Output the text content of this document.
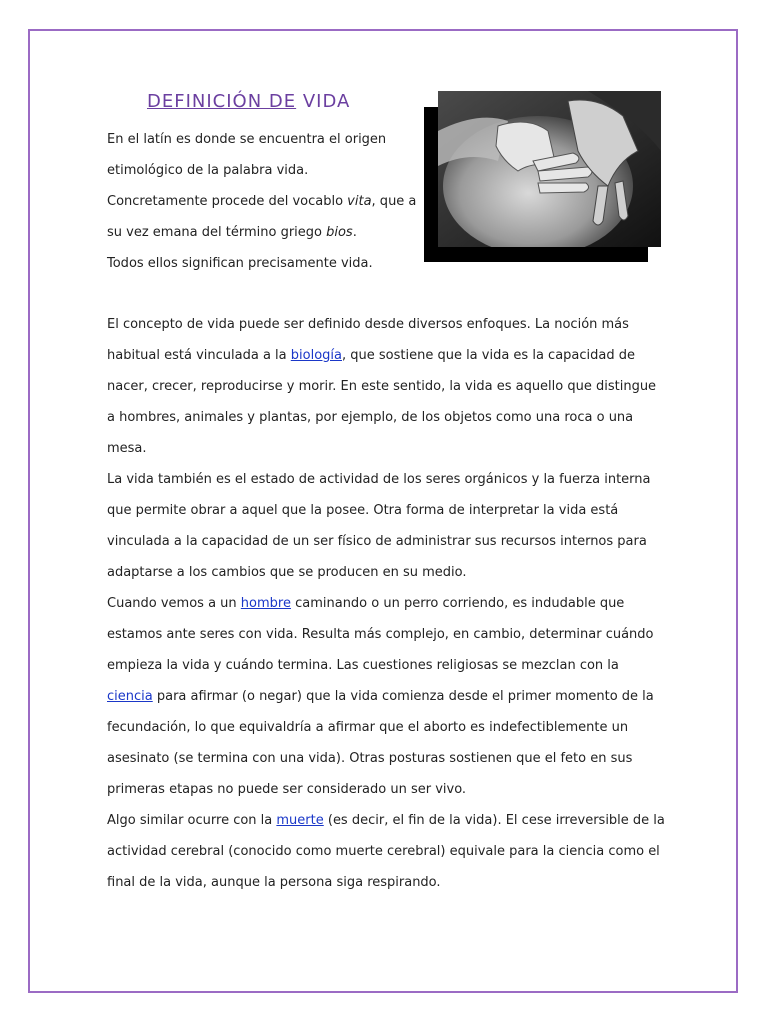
DEFINICIÓN DE VIDA

En el latín es donde se encuentra el origen etimológico de la palabra vida.

Concretamente procede del vocablo vita, que a su vez emana del término griego bios.

Todos ellos significan precisamente vida.

El concepto de vida puede ser definido desde diversos enfoques. La noción más habitual está vinculada a la biología, que sostiene que la vida es la capacidad de nacer, crecer, reproducirse y morir. En este sentido, la vida es aquello que distingue a hombres, animales y plantas, por ejemplo, de los objetos como una roca o una mesa.

La vida también es el estado de actividad de los seres orgánicos y la fuerza interna que permite obrar a aquel que la posee. Otra forma de interpretar la vida está vinculada a la capacidad de un ser físico de administrar sus recursos internos para adaptarse a los cambios que se producen en su medio.

Cuando vemos a un hombre caminando o un perro corriendo, es indudable que estamos ante seres con vida. Resulta más complejo, en cambio, determinar cuándo empieza la vida y cuándo termina. Las cuestiones religiosas se mezclan con la ciencia para afirmar (o negar) que la vida comienza desde el primer momento de la fecundación, lo que equivaldría a afirmar que el aborto es indefectiblemente un asesinato (se termina con una vida). Otras posturas sostienen que el feto en sus primeras etapas no puede ser considerado un ser vivo.

Algo similar ocurre con la muerte (es decir, el fin de la vida). El cese irreversible de la actividad cerebral (conocido como muerte cerebral) equivale para la ciencia como el final de la vida, aunque la persona siga respirando.
